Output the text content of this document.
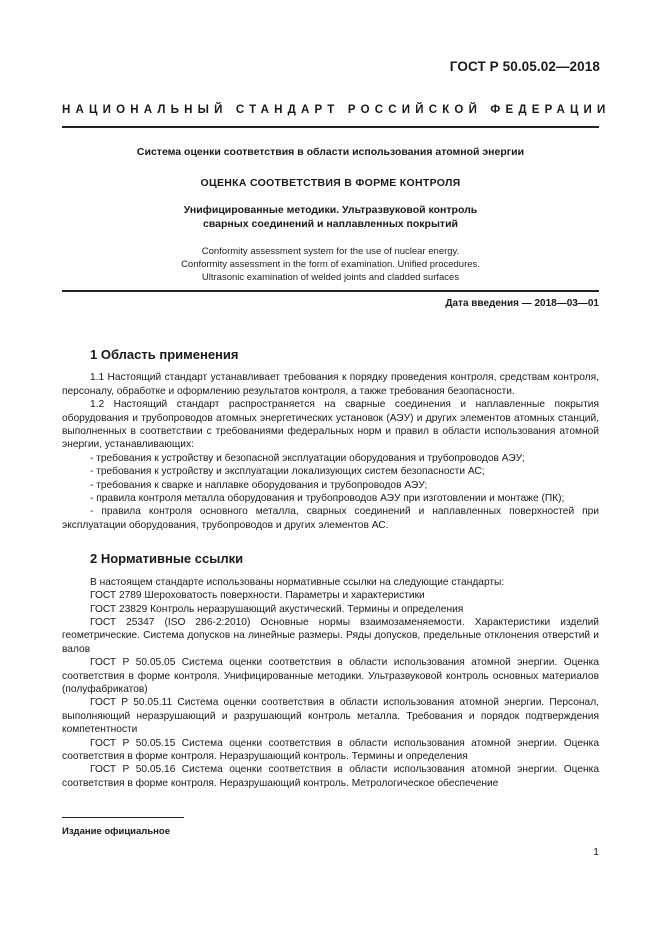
ГОСТ Р 50.05.02—2018
НАЦИОНАЛЬНЫЙ СТАНДАРТ РОССИЙСКОЙ ФЕДЕРАЦИИ

Система оценки соответствия в области использования атомной энергии

ОЦЕНКА СООТВЕТСТВИЯ В ФОРМЕ КОНТРОЛЯ

Унифицированные методики. Ультразвуковой контроль
сварных соединений и наплавленных покрытий

Conformity assessment system for the use of nuclear energy.
Conformity assessment in the form of examination. Unified procedures.
Ultrasonic examination of welded joints and cladded surfaces

Дата введения — 2018—03—01
1 Область применения

1.1 Настоящий стандарт устанавливает требования к порядку проведения контроля, средствам контроля, персоналу, обработке и оформлению результатов контроля, а также требования безопасности.

1.2 Настоящий стандарт распространяется на сварные соединения и наплавленные покрытия оборудования и трубопроводов атомных энергетических установок (АЭУ) и других элементов атомных станций, выполненных в соответствии с требованиями федеральных норм и правил в области использования атомной энергии, устанавливающих:

- требования к устройству и безопасной эксплуатации оборудования и трубопроводов АЭУ;

- требования к устройству и эксплуатации локализующих систем безопасности АС;

- требования к сварке и наплавке оборудования и трубопроводов АЭУ;

- правила контроля металла оборудования и трубопроводов АЭУ при изготовлении и монтаже (ПК);

- правила контроля основного металла, сварных соединений и наплавленных поверхностей при эксплуатации оборудования, трубопроводов и других элементов АС.

2 Нормативные ссылки

В настоящем стандарте использованы нормативные ссылки на следующие стандарты:

ГОСТ 2789 Шероховатость поверхности. Параметры и характеристики

ГОСТ 23829 Контроль неразрушающий акустический. Термины и определения

ГОСТ 25347 (ISO 286-2:2010) Основные нормы взаимозаменяемости. Характеристики изделий геометрические. Система допусков на линейные размеры. Ряды допусков, предельные отклонения отверстий и валов

ГОСТ Р 50.05.05 Система оценки соответствия в области использования атомной энергии. Оценка соответствия в форме контроля. Унифицированные методики. Ультразвуковой контроль основных материалов (полуфабрикатов)

ГОСТ Р 50.05.11 Система оценки соответствия в области использования атомной энергии. Персонал, выполняющий неразрушающий и разрушающий контроль металла. Требования и порядок подтверждения компетентности

ГОСТ Р 50.05.15 Система оценки соответствия в области использования атомной энергии. Оценка соответствия в форме контроля. Неразрушающий контроль. Термины и определения

ГОСТ Р 50.05.16 Система оценки соответствия в области использования атомной энергии. Оценка соответствия в форме контроля. Неразрушающий контроль. Метрологическое обеспечение

Издание официальное
1
